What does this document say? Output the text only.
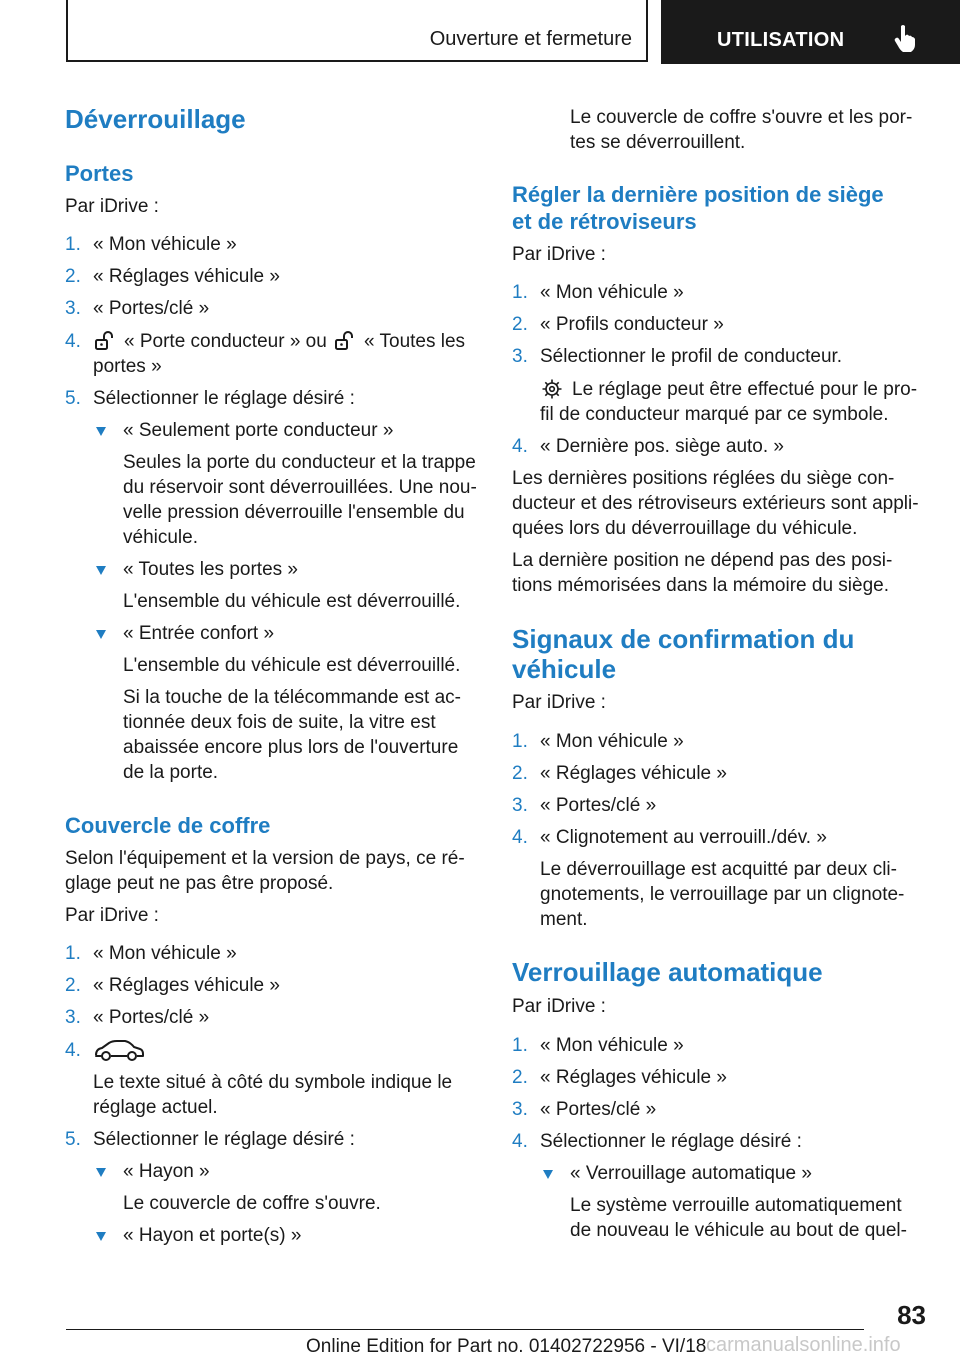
Ouverture et fermeture	UTILISATION
Déverrouillage
Portes
Par iDrive :
1. « Mon véhicule »
2. « Réglages véhicule »
3. « Portes/clé »
4. « Porte conducteur » ou « Toutes les
portes »
5. Sélectionner le réglage désiré :
« Seulement porte conducteur »
Seules la porte du conducteur et la trappe
du réservoir sont déverrouillées. Une nou-
velle pression déverrouille l'ensemble du
véhicule.
« Toutes les portes »
L'ensemble du véhicule est déverrouillé.
« Entrée confort »
L'ensemble du véhicule est déverrouillé.
Si la touche de la télécommande est ac-
tionnée deux fois de suite, la vitre est
abaissée encore plus lors de l'ouverture
de la porte.
Couvercle de coffre
Selon l'équipement et la version de pays, ce ré-
glage peut ne pas être proposé.
Par iDrive :
1. « Mon véhicule »
2. « Réglages véhicule »
3. « Portes/clé »
4.
Le texte situé à côté du symbole indique le
réglage actuel.
5. Sélectionner le réglage désiré :
« Hayon »
Le couvercle de coffre s'ouvre.
« Hayon et porte(s) »
Le couvercle de coffre s'ouvre et les por-
tes se déverrouillent.
Régler la dernière position de siège
et de rétroviseurs
Par iDrive :
1. « Mon véhicule »
2. « Profils conducteur »
3. Sélectionner le profil de conducteur.
Le réglage peut être effectué pour le pro-
fil de conducteur marqué par ce symbole.
4. « Dernière pos. siège auto. »
Les dernières positions réglées du siège con-
ducteur et des rétroviseurs extérieurs sont appli-
quées lors du déverrouillage du véhicule.
La dernière position ne dépend pas des posi-
tions mémorisées dans la mémoire du siège.
Signaux de confirmation du
véhicule
Par iDrive :
1. « Mon véhicule »
2. « Réglages véhicule »
3. « Portes/clé »
4. « Clignotement au verrouill./dév. »
Le déverrouillage est acquitté par deux cli-
gnotements, le verrouillage par un clignote-
ment.
Verrouillage automatique
Par iDrive :
1. « Mon véhicule »
2. « Réglages véhicule »
3. « Portes/clé »
4. Sélectionner le réglage désiré :
« Verrouillage automatique »
Le système verrouille automatiquement
de nouveau le véhicule au bout de quel-
83
Online Edition for Part no. 01402722956 - VI/18 carmanualsonline.info
